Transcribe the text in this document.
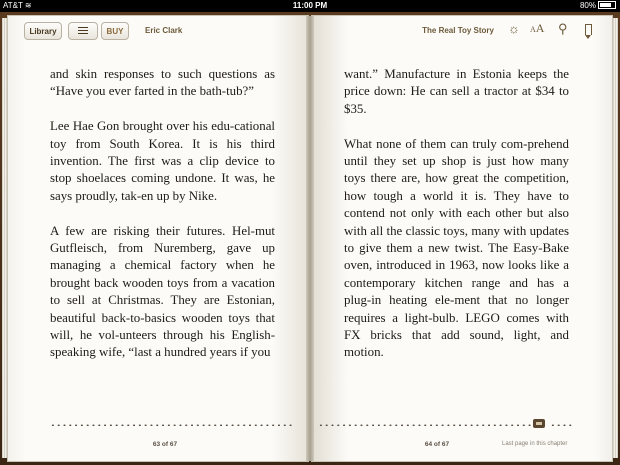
AT&T ≋	11:00 PM	80%
Library	BUY	Eric Clark	The Real Toy Story ☼ AA ⚲

and skin responses to such questions as “Have you ever farted in the bath-tub?”

Lee Hae Gon brought over his edu-cational toy from South Korea. It is his third invention. The first was a clip device to stop shoelaces coming undone. It was, he says proudly, tak-en up by Nike.

A few are risking their futures. Hel-mut Gutfleisch, from Nuremberg, gave up managing a chemical factory when he brought back wooden toys from a vacation to sell at Christmas. They are Estonian, beautiful back-to-basics wooden toys that will, he vol-unteers through his English-speaking wife, “last a hundred years if you

want.” Manufacture in Estonia keeps the price down: He can sell a tractor at $34 to $35.

What none of them can truly com-prehend until they set up shop is just how many toys there are, how great the competition, how tough a world it is. They have to contend not only with each other but also with all the classic toys, many with updates to give them a new twist. The Easy-Bake oven, introduced in 1963, now looks like a contemporary kitchen range and has a plug-in heating ele-ment that no longer requires a light-bulb. LEGO comes with FX bricks that add sound, light, and motion.

63 of 67	64 of 67	Last page in this chapter
